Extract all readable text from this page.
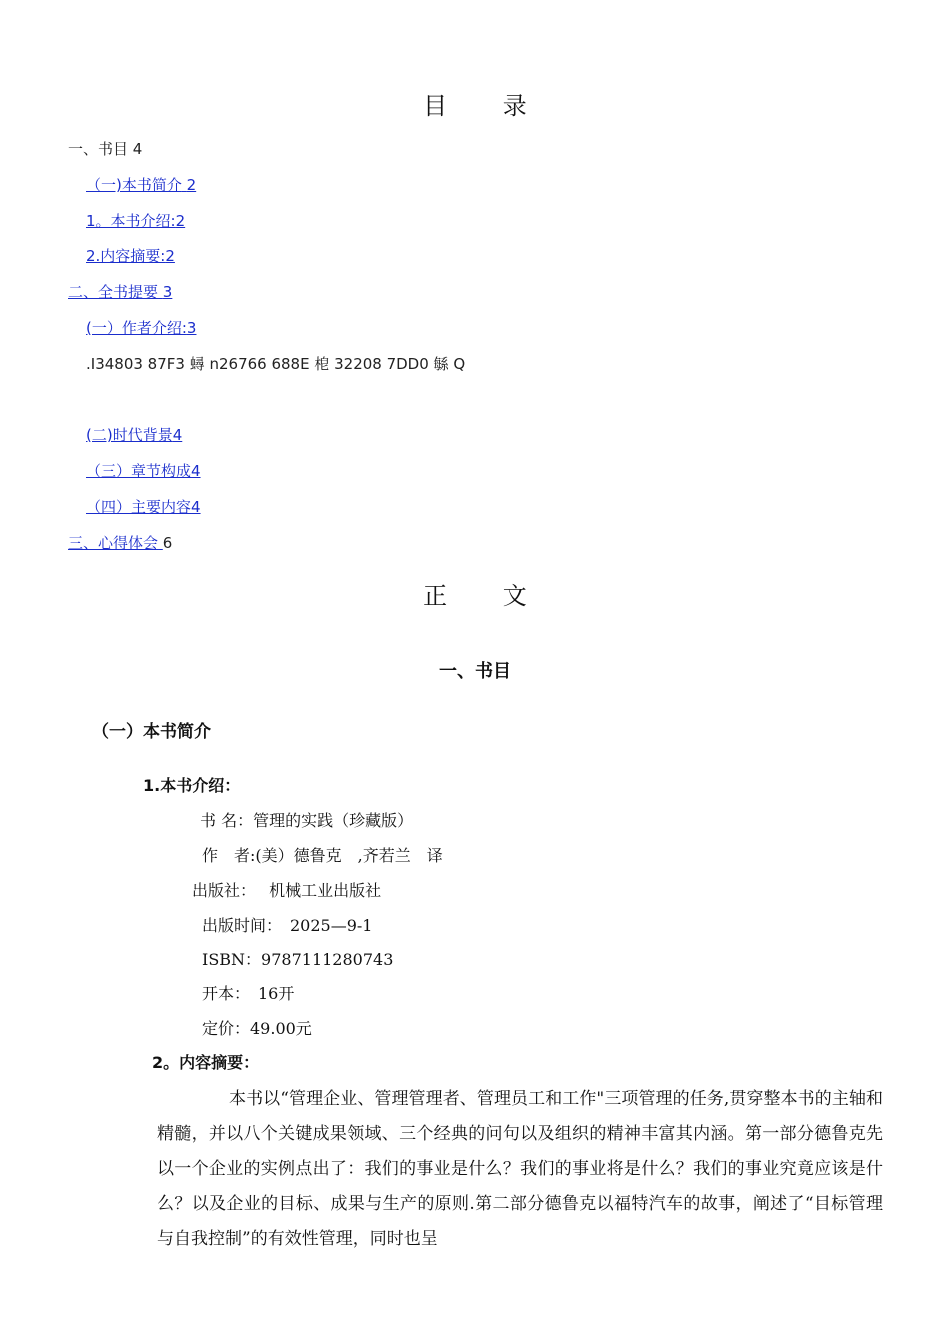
目 录
一、书目 4
（一)本书简介 2
1。本书介绍:2
2.内容摘要:2
二、全书提要 3
(一）作者介绍:3
.I34803 87F3 蟳 n26766 688E 梎 32208 7DD0 緐 Q
(二)时代背景4
（三）章节构成4
（四）主要内容4
三、心得体会 6
正 文
一、书目
（一）本书简介
1.本书介绍：
书 名：管理的实践（珍藏版）
作　者:(美）德鲁克　,齐若兰　译
出版社：　 机械工业出版社
出版时间：　2025—9-1
ISBN：9787111280743
开本：　16开
定价：49.00元
2。内容摘要：
本书以“管理企业、管理管理者、管理员工和工作"三项管理的任务,贯穿整本书的主轴和精髓，并以八个关键成果领域、三个经典的问句以及组织的精神丰富其内涵。第一部分德鲁克先以一个企业的实例点出了：我们的事业是什么？我们的事业将是什么？我们的事业究竟应该是什么？以及企业的目标、成果与生产的原则.第二部分德鲁克以福特汽车的故事，阐述了“目标管理与自我控制”的有效性管理，同时也呈
